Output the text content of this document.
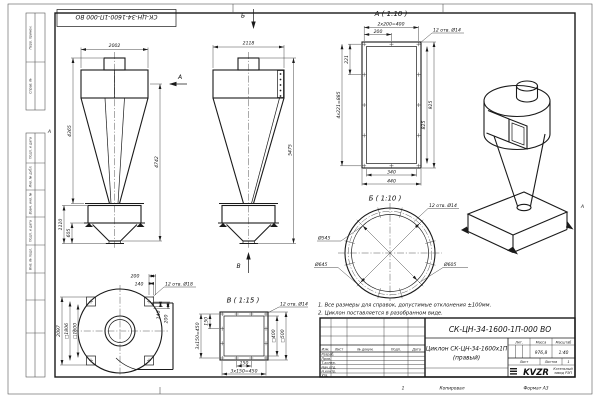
Перв. примен.
Справ. №
Подп. и дата
Инв. № дубл.
Взам. инв. №
Подп. и дата
Инв. № подл.
А
А
СК-ЦН-34-1600-1П-000 ВО
1	Копировал	Формат А3
2002
4365
4742
1110
605
А
2118
5475
Б
В
А ( 1:10 )
12 отв. Ø14
2x200=400
200
221
4x221=885	925
825
340
440
Б ( 1:10 )
Ø545
Ø645	Ø605
12 отв. Ø14
2097 □1806 □1600
200
140
140 200
12 отв. Ø18
В ( 1:15 )
12 отв. Ø14
150
3x150=450	□400 □500
150
3x150=450
1. Все размеры для справок, допустимые отклонения ±100мм.
2. Циклон поставляется в разобранном виде.
Изм.	Лист	№ докум.	Подп.	Дата
Разраб.
Пров.
Т.контр.
Нач.отд.
Н.контр.
Утв.
СК-ЦН-34-1600-1П-000 ВО
Циклон СК-ЦН-34-1600х1П
(правый)
Лит.	Масса	Масштаб
976,8	1:40
Лист	Листов	1
KVZR Котельный
завод РЭП
